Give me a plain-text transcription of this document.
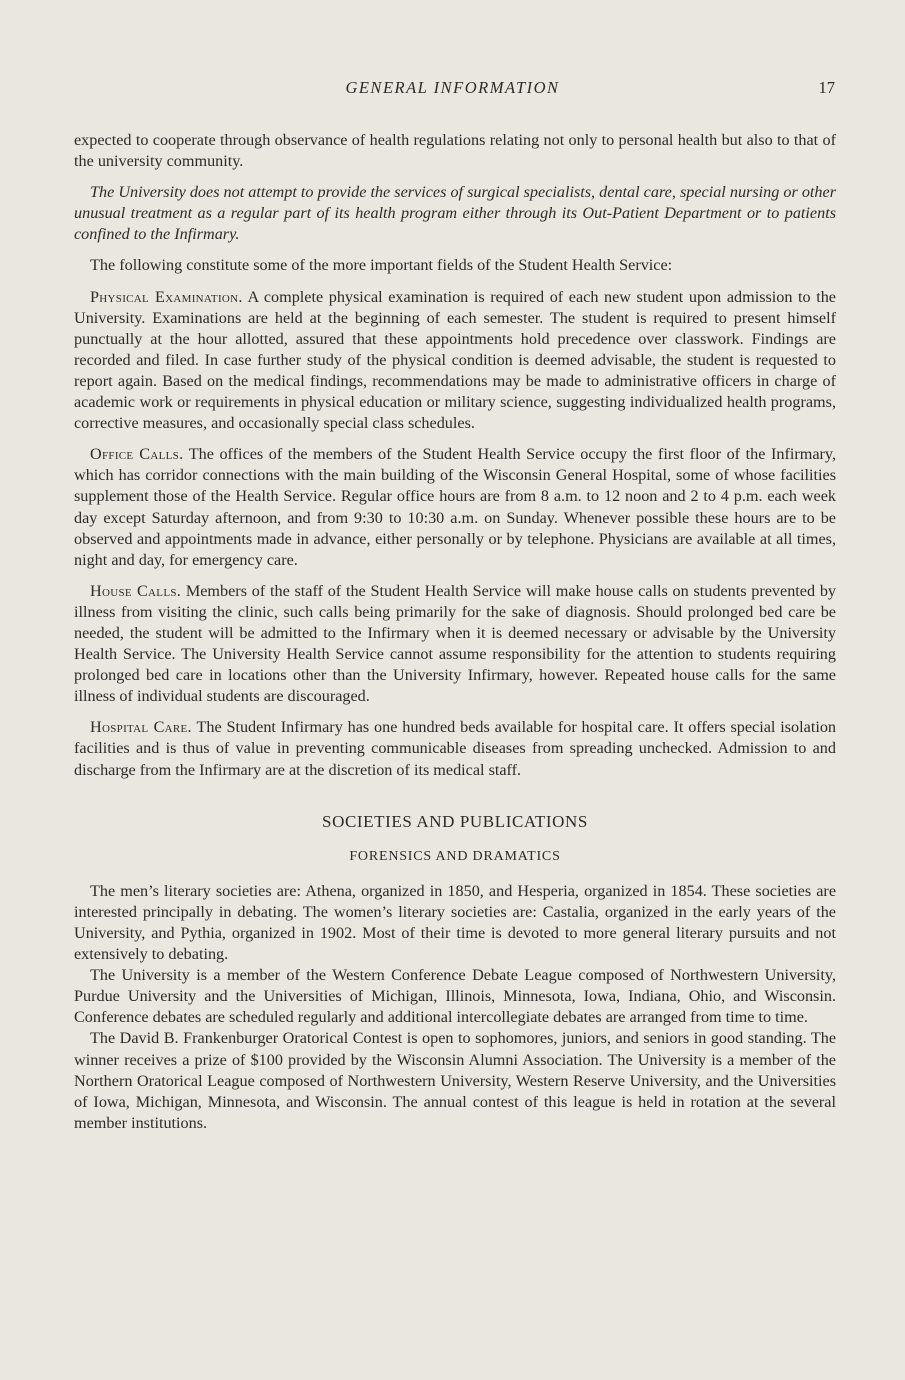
GENERAL INFORMATION	17

expected to cooperate through observance of health regulations relating not only to personal health but also to that of the university community.

The University does not attempt to provide the services of surgical specialists, dental care, special nursing or other unusual treatment as a regular part of its health program either through its Out-Patient Department or to patients confined to the Infirmary.

The following constitute some of the more important fields of the Student Health Service:

Physical Examination. A complete physical examination is required of each new student upon admission to the University. Examinations are held at the beginning of each semester. The student is required to present himself punctually at the hour allotted, assured that these appointments hold precedence over classwork. Findings are recorded and filed. In case further study of the physical condition is deemed advisable, the student is requested to report again. Based on the medical findings, recommendations may be made to administrative officers in charge of academic work or requirements in physical education or military science, suggesting individualized health programs, corrective measures, and occasionally special class schedules.

Office Calls. The offices of the members of the Student Health Service occupy the first floor of the Infirmary, which has corridor connections with the main building of the Wisconsin General Hospital, some of whose facilities supplement those of the Health Service. Regular office hours are from 8 a.m. to 12 noon and 2 to 4 p.m. each week day except Saturday afternoon, and from 9:30 to 10:30 a.m. on Sunday. Whenever possible these hours are to be observed and appointments made in advance, either personally or by telephone. Physicians are available at all times, night and day, for emergency care.

House Calls. Members of the staff of the Student Health Service will make house calls on students prevented by illness from visiting the clinic, such calls being primarily for the sake of diagnosis. Should prolonged bed care be needed, the student will be admitted to the Infirmary when it is deemed necessary or advisable by the University Health Service. The University Health Service cannot assume responsibility for the attention to students requiring prolonged bed care in locations other than the University Infirmary, however. Repeated house calls for the same illness of individual students are discouraged.

Hospital Care. The Student Infirmary has one hundred beds available for hospital care. It offers special isolation facilities and is thus of value in preventing communicable diseases from spreading unchecked. Admission to and discharge from the Infirmary are at the discretion of its medical staff.

SOCIETIES AND PUBLICATIONS
FORENSICS AND DRAMATICS

The men’s literary societies are: Athena, organized in 1850, and Hesperia, organized in 1854. These societies are interested principally in debating. The women’s literary societies are: Castalia, organized in the early years of the University, and Pythia, organized in 1902. Most of their time is devoted to more general literary pursuits and not extensively to debating.

The University is a member of the Western Conference Debate League composed of Northwestern University, Purdue University and the Universities of Michigan, Illinois, Minnesota, Iowa, Indiana, Ohio, and Wisconsin. Conference debates are scheduled regularly and additional intercollegiate debates are arranged from time to time.

The David B. Frankenburger Oratorical Contest is open to sophomores, juniors, and seniors in good standing. The winner receives a prize of $100 provided by the Wisconsin Alumni Association. The University is a member of the Northern Oratorical League composed of Northwestern University, Western Reserve University, and the Universities of Iowa, Michigan, Minnesota, and Wisconsin. The annual contest of this league is held in rotation at the several member institutions.
